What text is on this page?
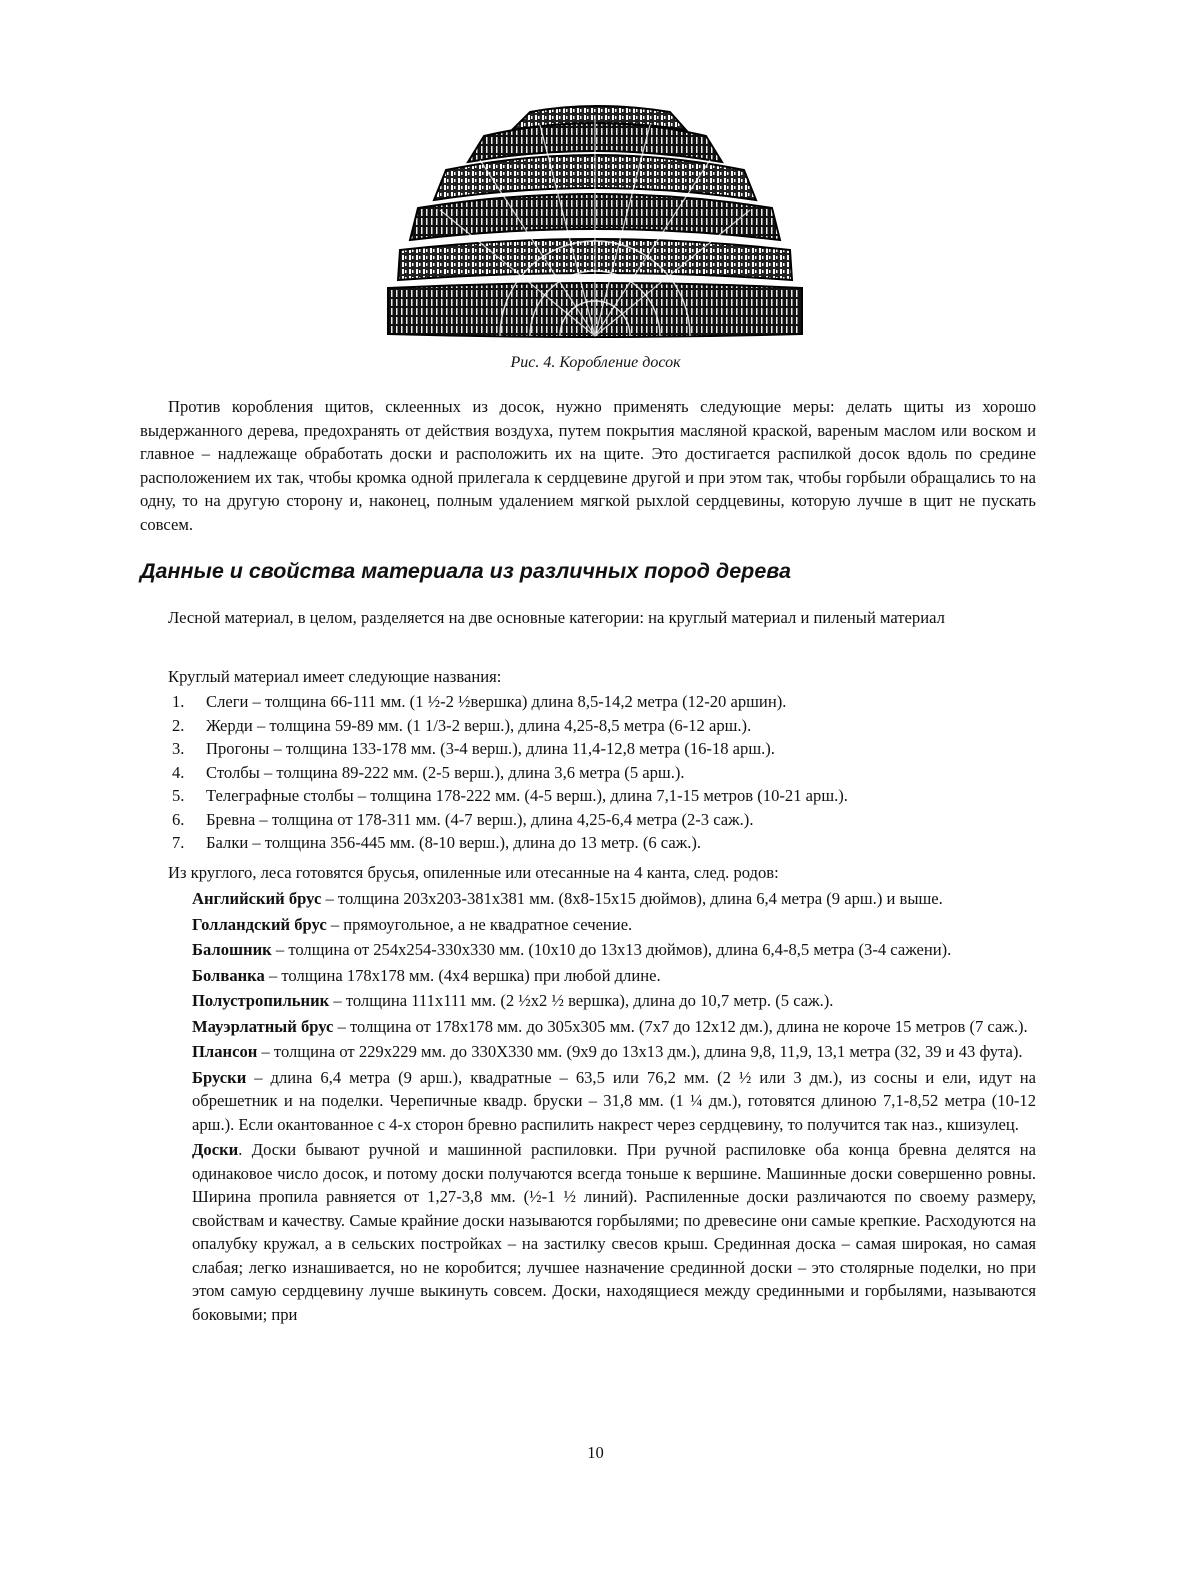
Рис. 4. Коробление досок

Против коробления щитов, склеенных из досок, нужно применять следующие меры: делать щиты из хорошо выдержанного дерева, предохранять от действия воздуха, путем покрытия масляной краской, вареным маслом или воском и главное – надлежаще обработать доски и расположить их на щите. Это достигается распилкой досок вдоль по средине расположением их так, чтобы кромка одной прилегала к сердцевине другой и при этом так, чтобы горбыли обращались то на одну, то на другую сторону и, наконец, полным удалением мягкой рыхлой сердцевины, которую лучше в щит не пускать совсем.

Данные и свойства материала из различных пород дерева

Лесной материал, в целом, разделяется на две основные категории: на круглый материал и пиленый материал

Круглый материал имеет следующие названия:

1. Слеги – толщина 66-111 мм. (1 ½-2 ½вершка) длина 8,5-14,2 метра (12-20 аршин).
2. Жерди – толщина 59-89 мм. (1 1/3-2 верш.), длина 4,25-8,5 метра (6-12 арш.).
3. Прогоны – толщина 133-178 мм. (3-4 верш.), длина 11,4-12,8 метра (16-18 арш.).
4. Столбы – толщина 89-222 мм. (2-5 верш.), длина 3,6 метра (5 арш.).
5. Телеграфные столбы – толщина 178-222 мм. (4-5 верш.), длина 7,1-15 метров (10-21 арш.).
6. Бревна – толщина от 178-311 мм. (4-7 верш.), длина 4,25-6,4 метра (2-3 саж.).
7. Балки – толщина 356-445 мм. (8-10 верш.), длина до 13 метр. (6 саж.).

Из круглого, леса готовятся брусья, опиленные или отесанные на 4 канта, след. родов:

Английский брус – толщина 203х203-381х381 мм. (8х8-15х15 дюймов), длина 6,4 метра (9 арш.) и выше.

Голландский брус – прямоугольное, а не квадратное сечение.

Балошник – толщина от 254х254-330х330 мм. (10х10 до 13х13 дюймов), длина 6,4-8,5 метра (3-4 сажени).

Болванка – толщина 178х178 мм. (4х4 вершка) при любой длине.

Полустропильник – толщина 111х111 мм. (2 ½х2 ½ вершка), длина до 10,7 метр. (5 саж.).

Мауэрлатный брус – толщина от 178х178 мм. до 305х305 мм. (7х7 до 12х12 дм.), длина не короче 15 метров (7 саж.).

Плансон – толщина от 229х229 мм. до 330Х330 мм. (9х9 до 13х13 дм.), длина 9,8, 11,9, 13,1 метра (32, 39 и 43 фута).

Бруски – длина 6,4 метра (9 арш.), квадратные – 63,5 или 76,2 мм. (2 ½ или 3 дм.), из сосны и ели, идут на обрешетник и на поделки. Черепичные квадр. бруски – 31,8 мм. (1 ¼ дм.), готовятся длиною 7,1-8,52 метра (10-12 арш.). Если окантованное с 4-х сторон бревно распилить накрест через сердцевину, то получится так наз., кшизулец.

Доски. Доски бывают ручной и машинной распиловки. При ручной распиловке оба конца бревна делятся на одинаковое число досок, и потому доски получаются всегда тоньше к вершине. Машинные доски совершенно ровны. Ширина пропила равняется от 1,27-3,8 мм. (½-1 ½ линий). Распиленные доски различаются по своему размеру, свойствам и качеству. Самые крайние доски называются горбылями; по древесине они самые крепкие. Расходуются на опалубку кружал, а в сельских постройках – на застилку свесов крыш. Срединная доска – самая широкая, но самая слабая; легко изнашивается, но не коробится; лучшее назначение срединной доски – это столярные поделки, но при этом самую сердцевину лучше выкинуть совсем. Доски, находящиеся между срединными и горбылями, называются боковыми; при

10
